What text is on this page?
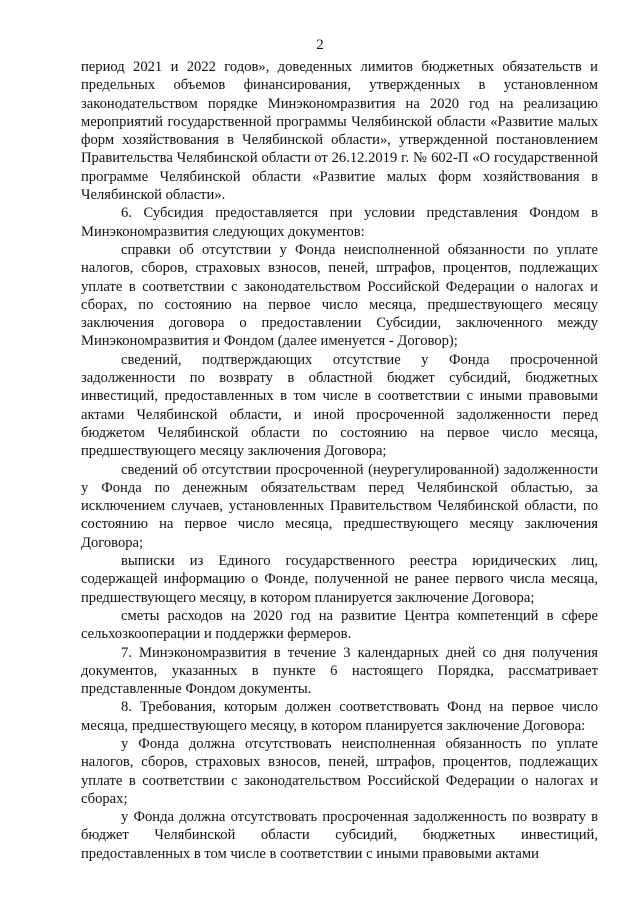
2

период 2021 и 2022 годов», доведенных лимитов бюджетных обязательств и предельных объемов финансирования, утвержденных в установленном законодательством порядке Минэкономразвития на 2020 год на реализацию мероприятий государственной программы Челябинской области «Развитие малых форм хозяйствования в Челябинской области», утвержденной постановлением Правительства Челябинской области от 26.12.2019 г. № 602-П «О государственной программе Челябинской области «Развитие малых форм хозяйствования в Челябинской области».

6. Субсидия предоставляется при условии представления Фондом в Минэкономразвития следующих документов:

справки об отсутствии у Фонда неисполненной обязанности по уплате налогов, сборов, страховых взносов, пеней, штрафов, процентов, подлежащих уплате в соответствии с законодательством Российской Федерации о налогах и сборах, по состоянию на первое число месяца, предшествующего месяцу заключения договора о предоставлении Субсидии, заключенного между Минэкономразвития и Фондом (далее именуется - Договор);

сведений, подтверждающих отсутствие у Фонда просроченной задолженности по возврату в областной бюджет субсидий, бюджетных инвестиций, предоставленных в том числе в соответствии с иными правовыми актами Челябинской области, и иной просроченной задолженности перед бюджетом Челябинской области по состоянию на первое число месяца, предшествующего месяцу заключения Договора;

сведений об отсутствии просроченной (неурегулированной) задолженности у Фонда по денежным обязательствам перед Челябинской областью, за исключением случаев, установленных Правительством Челябинской области, по состоянию на первое число месяца, предшествующего месяцу заключения Договора;

выписки из Единого государственного реестра юридических лиц, содержащей информацию о Фонде, полученной не ранее первого числа месяца, предшествующего месяцу, в котором планируется заключение Договора;

сметы расходов на 2020 год на развитие Центра компетенций в сфере сельхозкооперации и поддержки фермеров.

7. Минэкономразвития в течение 3 календарных дней со дня получения документов, указанных в пункте 6 настоящего Порядка, рассматривает представленные Фондом документы.

8. Требования, которым должен соответствовать Фонд на первое число месяца, предшествующего месяцу, в котором планируется заключение Договора:

у Фонда должна отсутствовать неисполненная обязанность по уплате налогов, сборов, страховых взносов, пеней, штрафов, процентов, подлежащих уплате в соответствии с законодательством Российской Федерации о налогах и сборах;

у Фонда должна отсутствовать просроченная задолженность по возврату в бюджет Челябинской области субсидий, бюджетных инвестиций, предоставленных в том числе в соответствии с иными правовыми актами
